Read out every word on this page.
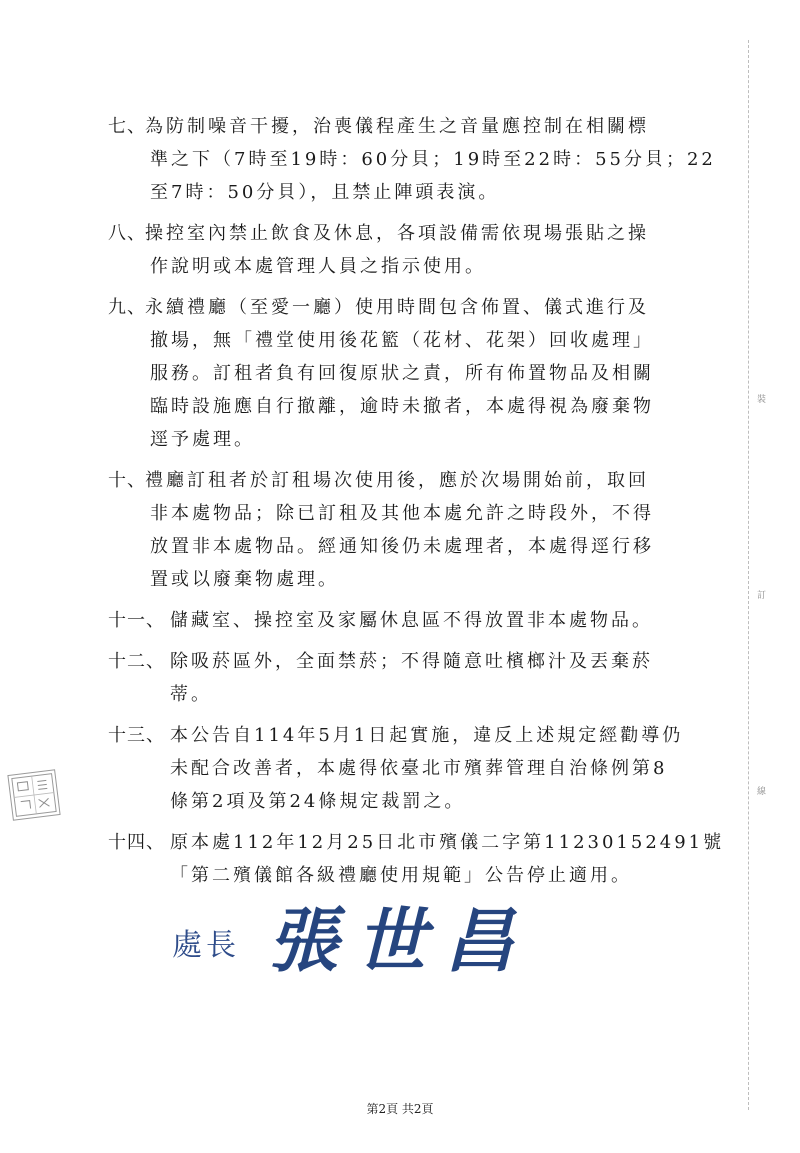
裝
訂
線
七、 為防制噪音干擾，治喪儀程產生之音量應控制在相關標
準之下（7時至19時：60分貝；19時至22時：55分貝；22
至7時：50分貝），且禁止陣頭表演。
八、 操控室內禁止飲食及休息，各項設備需依現場張貼之操
作說明或本處管理人員之指示使用。
九、 永續禮廳（至愛一廳）使用時間包含佈置、儀式進行及
撤場，無「禮堂使用後花籃（花材、花架）回收處理」
服務。訂租者負有回復原狀之責，所有佈置物品及相關
臨時設施應自行撤離，逾時未撤者，本處得視為廢棄物
逕予處理。
十、 禮廳訂租者於訂租場次使用後，應於次場開始前，取回
非本處物品；除已訂租及其他本處允許之時段外，不得
放置非本處物品。經通知後仍未處理者，本處得逕行移
置或以廢棄物處理。
十一、 儲藏室、操控室及家屬休息區不得放置非本處物品。
十二、 除吸菸區外，全面禁菸；不得隨意吐檳榔汁及丟棄菸
蒂。
十三、 本公告自114年5月1日起實施，違反上述規定經勸導仍
未配合改善者，本處得依臺北市殯葬管理自治條例第8
條第2項及第24條規定裁罰之。
十四、 原本處112年12月25日北市殯儀二字第11230152491號
「第二殯儀館各級禮廳使用規範」公告停止適用。
處長 張世昌
第2頁 共2頁
